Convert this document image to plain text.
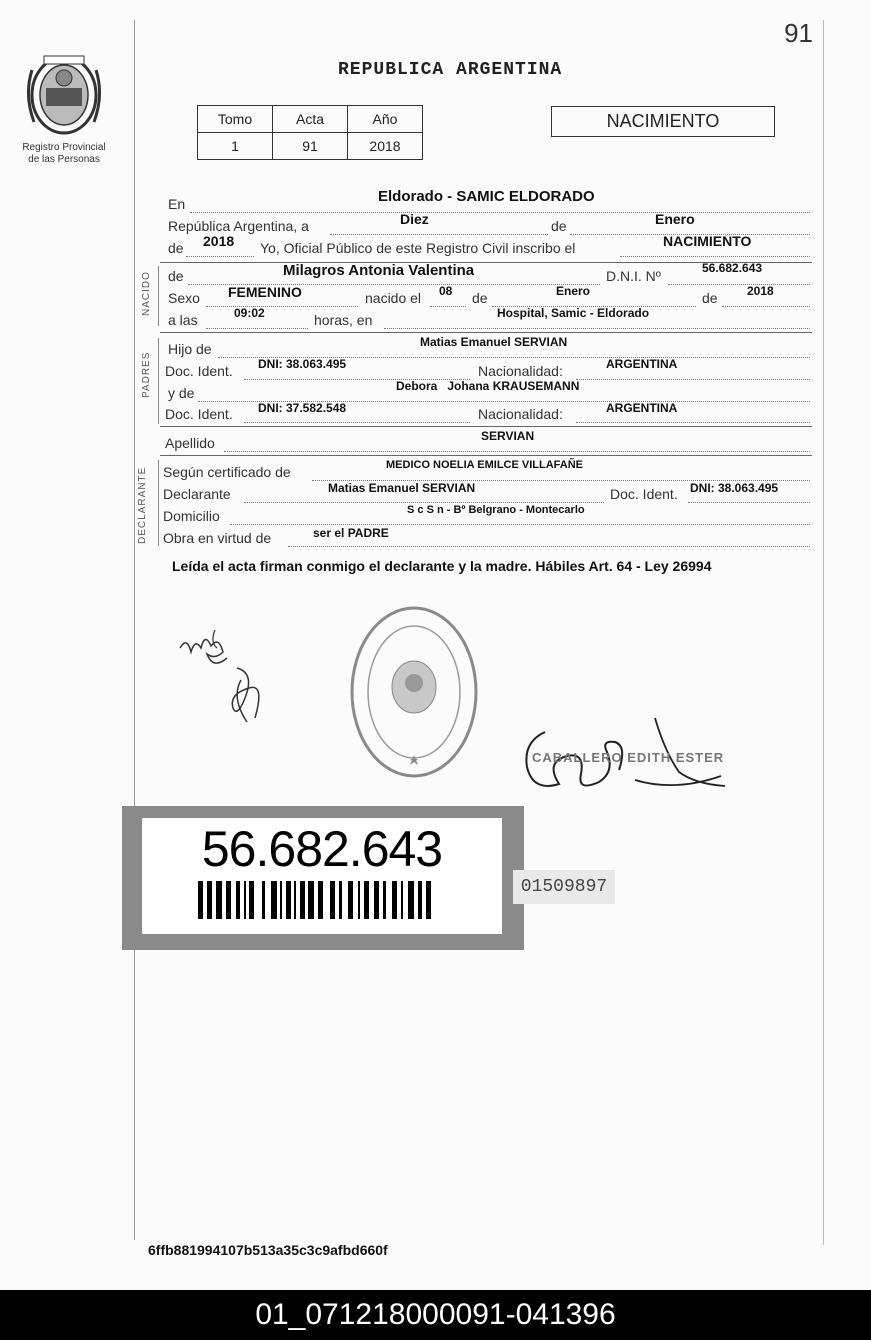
91
Registro Provincial
de las Personas
REPUBLICA ARGENTINA
Tomo	Acta	Año
1	91	2018
NACIMIENTO
En	Eldorado - SAMIC ELDORADO
República Argentina, a	Diez	de	Enero
de 2018 Yo, Oficial Público de este Registro Civil inscribo el	NACIMIENTO
NACIDO de	Milagros Antonia Valentina	D.N.I. Nº	56.682.643
Sexo FEMENINO	nacido el 08 de	Enero	de 2018
a las	09:02	horas, en	Hospital, Samic - Eldorado
PADRES
Hijo de	Matias Emanuel SERVIAN
Doc. Ident. DNI: 38.063.495	Nacionalidad:	ARGENTINA
y de	Debora   Johana KRAUSEMANN
Doc. Ident. DNI: 37.582.548	Nacionalidad:	ARGENTINA
Apellido	SERVIAN
DECLARANTE Según certificado de	MEDICO NOELIA EMILCE VILLAFAÑE
Declarante	Matias Emanuel SERVIAN	Doc. Ident. DNI: 38.063.495
Domicilio	S c S n - Bº Belgrano - Montecarlo
Obra en virtud de	ser el PADRE
Leída el acta firman conmigo el declarante y la madre. Hábiles Art. 64 - Ley 26994
CABALLERO EDITH ESTER
56.682.643
01509897
6ffb881994107b513a35c3c9afbd660f
01_071218000091-041396
